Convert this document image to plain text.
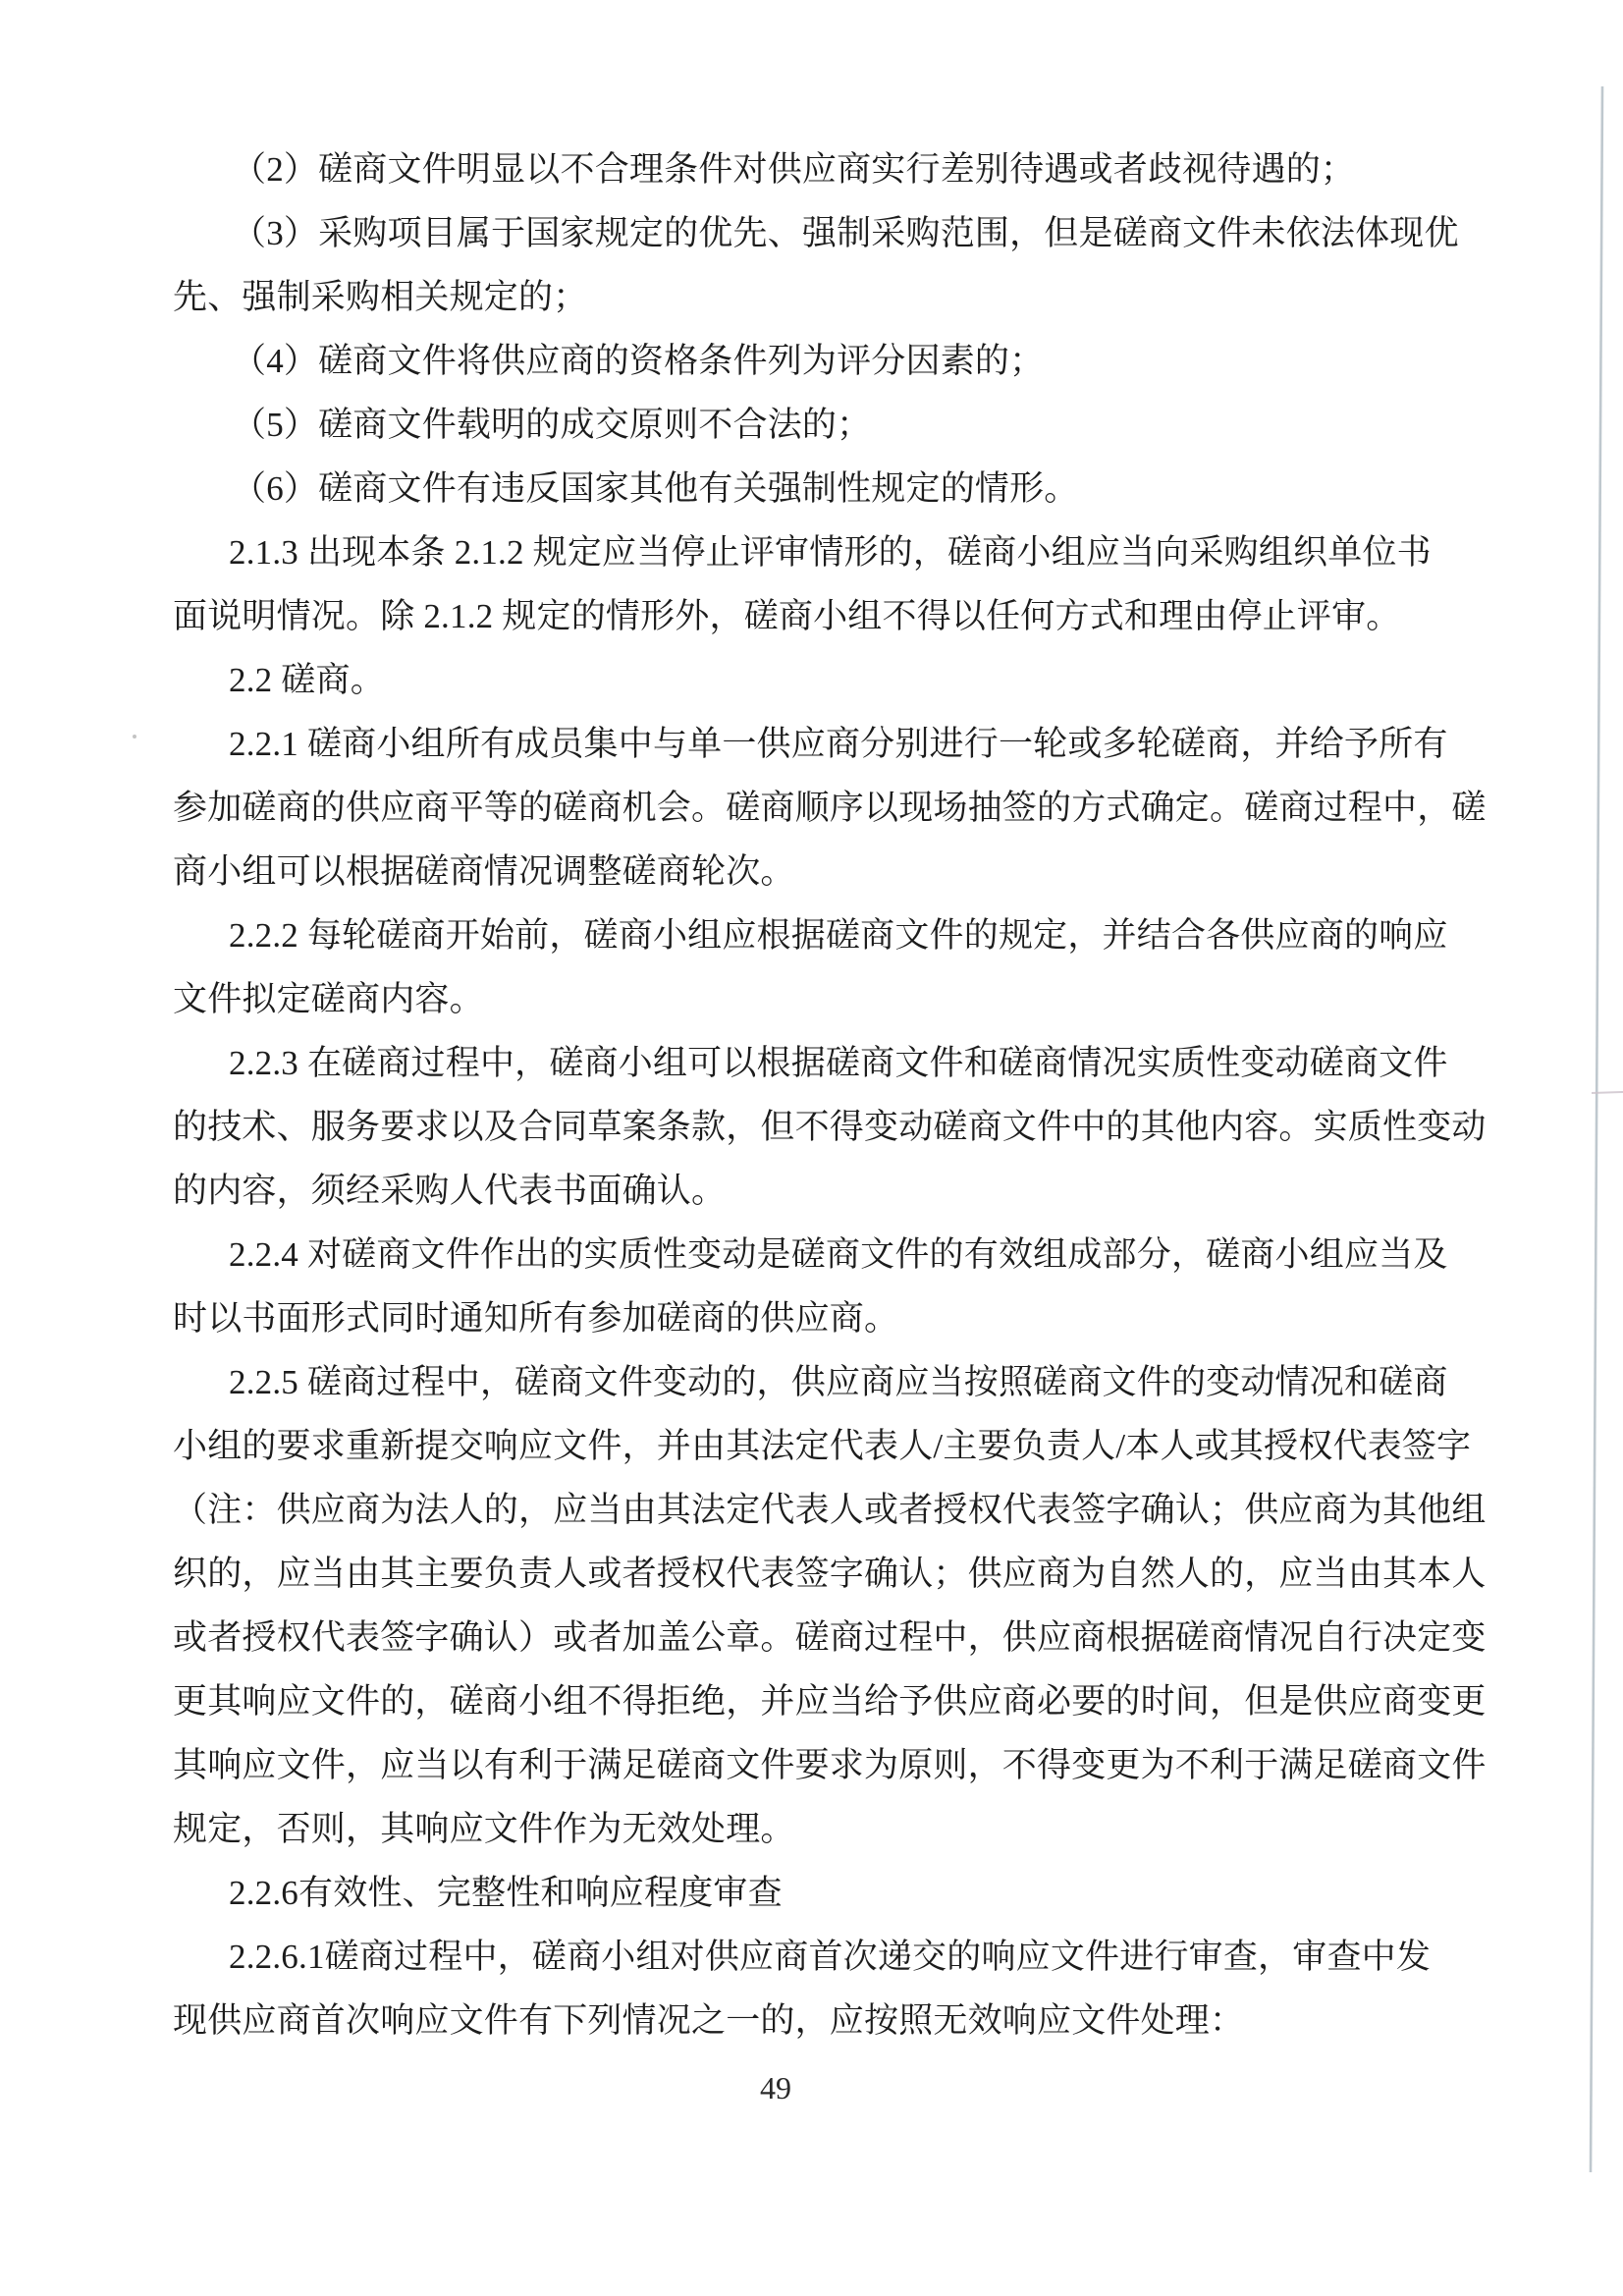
（2）磋商文件明显以不合理条件对供应商实行差别待遇或者歧视待遇的；
（3）采购项目属于国家规定的优先、强制采购范围，但是磋商文件未依法体现优
先、强制采购相关规定的；
（4）磋商文件将供应商的资格条件列为评分因素的；
（5）磋商文件载明的成交原则不合法的；
（6）磋商文件有违反国家其他有关强制性规定的情形。
2.1.3 出现本条 2.1.2 规定应当停止评审情形的，磋商小组应当向采购组织单位书
面说明情况。除 2.1.2 规定的情形外，磋商小组不得以任何方式和理由停止评审。
2.2 磋商。
2.2.1 磋商小组所有成员集中与单一供应商分别进行一轮或多轮磋商，并给予所有
参加磋商的供应商平等的磋商机会。磋商顺序以现场抽签的方式确定。磋商过程中，磋
商小组可以根据磋商情况调整磋商轮次。
2.2.2 每轮磋商开始前，磋商小组应根据磋商文件的规定，并结合各供应商的响应
文件拟定磋商内容。
2.2.3 在磋商过程中，磋商小组可以根据磋商文件和磋商情况实质性变动磋商文件
的技术、服务要求以及合同草案条款，但不得变动磋商文件中的其他内容。实质性变动
的内容，须经采购人代表书面确认。
2.2.4 对磋商文件作出的实质性变动是磋商文件的有效组成部分，磋商小组应当及
时以书面形式同时通知所有参加磋商的供应商。
2.2.5 磋商过程中，磋商文件变动的，供应商应当按照磋商文件的变动情况和磋商
小组的要求重新提交响应文件，并由其法定代表人/主要负责人/本人或其授权代表签字
（注：供应商为法人的，应当由其法定代表人或者授权代表签字确认；供应商为其他组
织的，应当由其主要负责人或者授权代表签字确认；供应商为自然人的，应当由其本人
或者授权代表签字确认）或者加盖公章。磋商过程中，供应商根据磋商情况自行决定变
更其响应文件的，磋商小组不得拒绝，并应当给予供应商必要的时间，但是供应商变更
其响应文件，应当以有利于满足磋商文件要求为原则，不得变更为不利于满足磋商文件
规定，否则，其响应文件作为无效处理。
2.2.6有效性、完整性和响应程度审查
2.2.6.1磋商过程中，磋商小组对供应商首次递交的响应文件进行审查，审查中发
现供应商首次响应文件有下列情况之一的，应按照无效响应文件处理：
49
